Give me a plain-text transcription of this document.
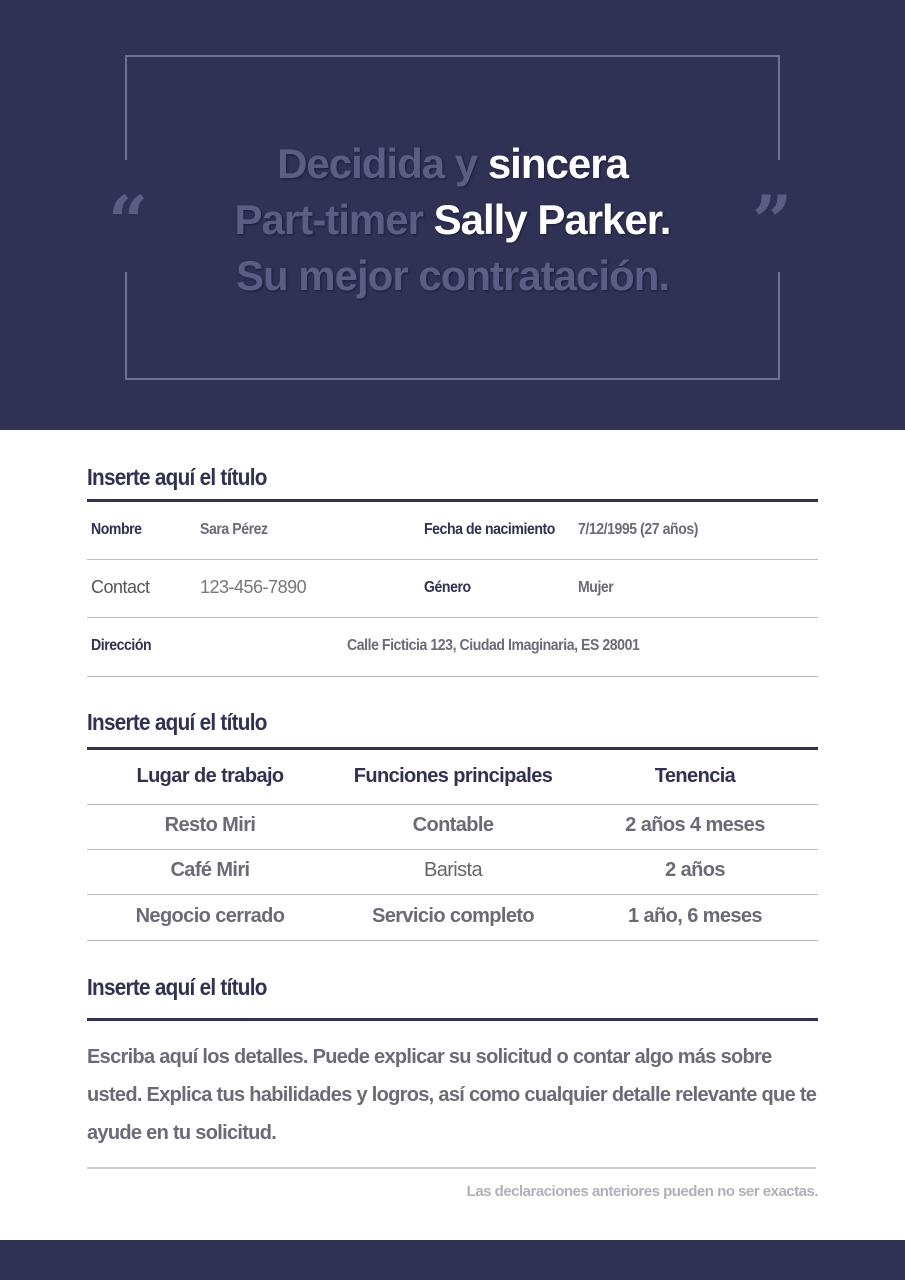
Decidida y sincera
Part-timer Sally Parker.
Su mejor contratación.
“	”
Inserte aquí el título
Nombre	Sara Pérez	Fecha de nacimiento 7/12/1995 (27 años)
Contact	123-456-7890	Género	Mujer
Dirección	Calle Ficticia 123, Ciudad Imaginaria, ES 28001
Inserte aquí el título
Lugar de trabajo	Funciones principales	Tenencia
Resto Miri	Contable	2 años 4 meses
Café Miri	Barista	2 años
Negocio cerrado	Servicio completo	1 año, 6 meses
Inserte aquí el título
Escriba aquí los detalles. Puede explicar su solicitud o contar algo más sobre usted. Explica tus habilidades y logros, así como cualquier detalle relevante que te ayude en tu solicitud.
Las declaraciones anteriores pueden no ser exactas.
